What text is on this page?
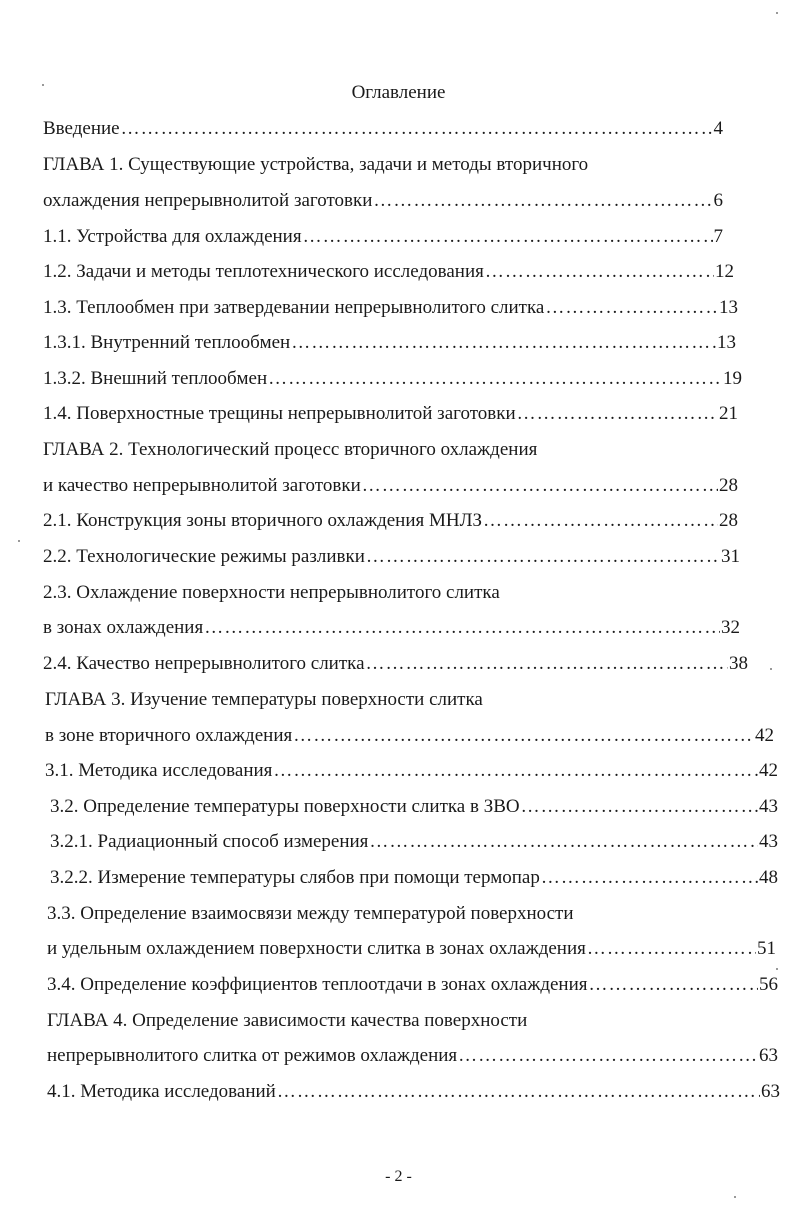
Оглавление
Введение …………………………………………………………………………………………………………………………………………………………………………………	4
ГЛАВА 1. Существующие устройства, задачи и методы вторичного
охлаждения непрерывнолитой заготовки …………………………………………………………………………………………………………………………………………………………………………………	6
1.1. Устройства для охлаждения …………………………………………………………………………………………………………………………………………………………………………………	7
1.2. Задачи и методы теплотехнического исследования …………………………………………………………………………………………………………………………………………………………………………………	12
1.3. Теплообмен при затвердевании непрерывнолитого слитка …………………………………………………………………………………………………………………………………………………………………………………	13
1.3.1. Внутренний теплообмен …………………………………………………………………………………………………………………………………………………………………………………	13
1.3.2. Внешний теплообмен …………………………………………………………………………………………………………………………………………………………………………………	19
1.4. Поверхностные трещины непрерывнолитой заготовки …………………………………………………………………………………………………………………………………………………………………………………	21
ГЛАВА 2. Технологический процесс вторичного охлаждения
и качество непрерывнолитой заготовки …………………………………………………………………………………………………………………………………………………………………………………	28
2.1. Конструкция зоны вторичного охлаждения МНЛЗ …………………………………………………………………………………………………………………………………………………………………………………	28
2.2. Технологические режимы разливки …………………………………………………………………………………………………………………………………………………………………………………	31
2.3. Охлаждение поверхности непрерывнолитого слитка
в зонах охлаждения …………………………………………………………………………………………………………………………………………………………………………………	32
2.4. Качество непрерывнолитого слитка …………………………………………………………………………………………………………………………………………………………………………………	38
ГЛАВА 3. Изучение температуры поверхности слитка
в зоне вторичного охлаждения …………………………………………………………………………………………………………………………………………………………………………………	42
3.1. Методика исследования …………………………………………………………………………………………………………………………………………………………………………………	42
3.2. Определение температуры поверхности слитка в ЗВО …………………………………………………………………………………………………………………………………………………………………………………	43
3.2.1. Радиационный способ измерения …………………………………………………………………………………………………………………………………………………………………………………	43
3.2.2. Измерение температуры слябов при помощи термопар …………………………………………………………………………………………………………………………………………………………………………………	48
3.3. Определение взаимосвязи между температурой поверхности
и удельным охлаждением поверхности слитка в зонах охлаждения …………………………………………………………………………………………………………………………………………………………………………………	51
3.4. Определение коэффициентов теплоотдачи в зонах охлаждения …………………………………………………………………………………………………………………………………………………………………………………	56
ГЛАВА 4. Определение зависимости качества поверхности
непрерывнолитого слитка от режимов охлаждения …………………………………………………………………………………………………………………………………………………………………………………	63
4.1. Методика исследований …………………………………………………………………………………………………………………………………………………………………………………	63
- 2 -
